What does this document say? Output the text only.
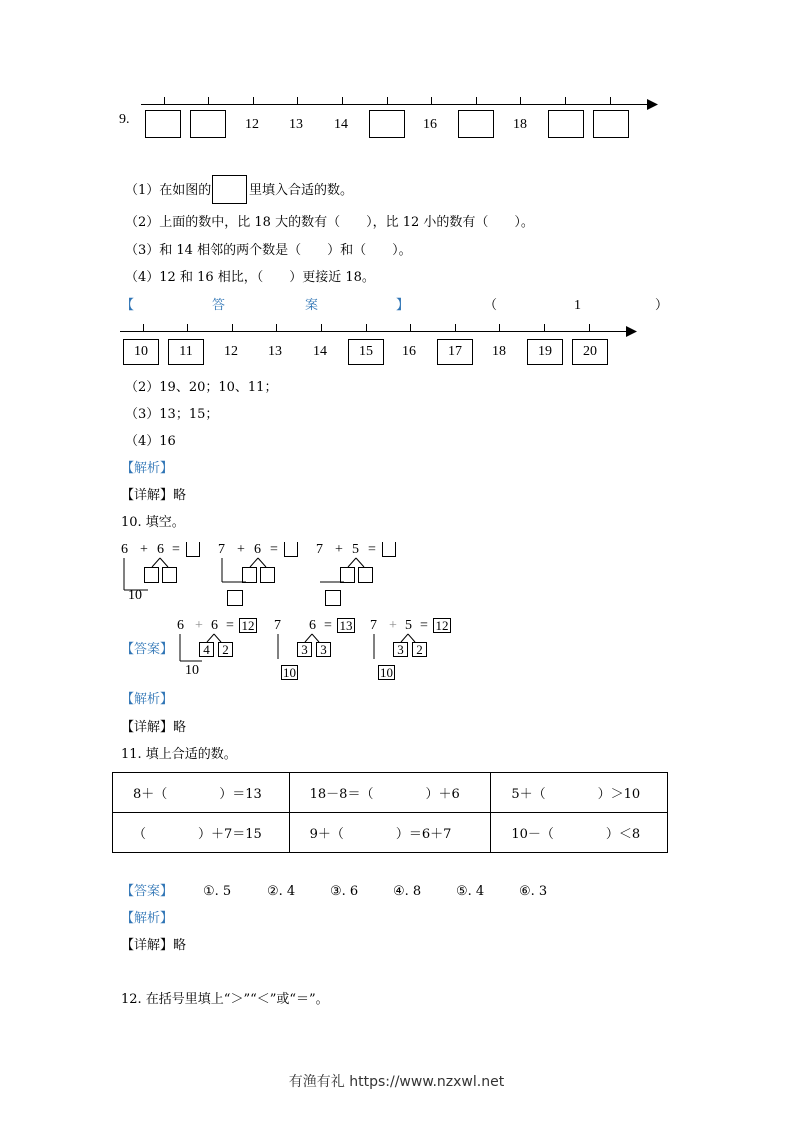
9.	12 13 14	16	18
（1）在如图的	里填入合适的数。
（2）上面的数中，比 18 大的数有（　　），比 12 小的数有（　　）。
（3）和 14 相邻的两个数是（　　）和（　　）。
（4）12 和 16 相比，（　　）更接近 18。
【	答	案	】	（	1	）
10	11	12 13 14	15	16	17	18	19	20
（2）19、20；10、11；
（3）13；15；
（4）16
【解析】
【详解】略
10. 填空。
6 + 6 =
10
7 + 6 =	7 + 5 =
【答案】
6 + 6 = 12
4 2
10
7 + 6 = 13
3 3
10
7 + 5 = 12
3 2
10
【解析】
【详解】略
11. 填上合适的数。
8＋（　　　　）＝13	18－8＝（　　　　）＋6	5＋（　　　　）＞10
（　　　　）＋7＝15	9＋（　　　　）＝6＋7	10－（　　　　）＜8
【答案】 ①. 5	②. 4	③. 6	④. 8	⑤. 4	⑥. 3
【解析】
【详解】略
12. 在括号里填上“＞”“＜”或“＝”。
有渔有礼 https://www.nzxwl.net
